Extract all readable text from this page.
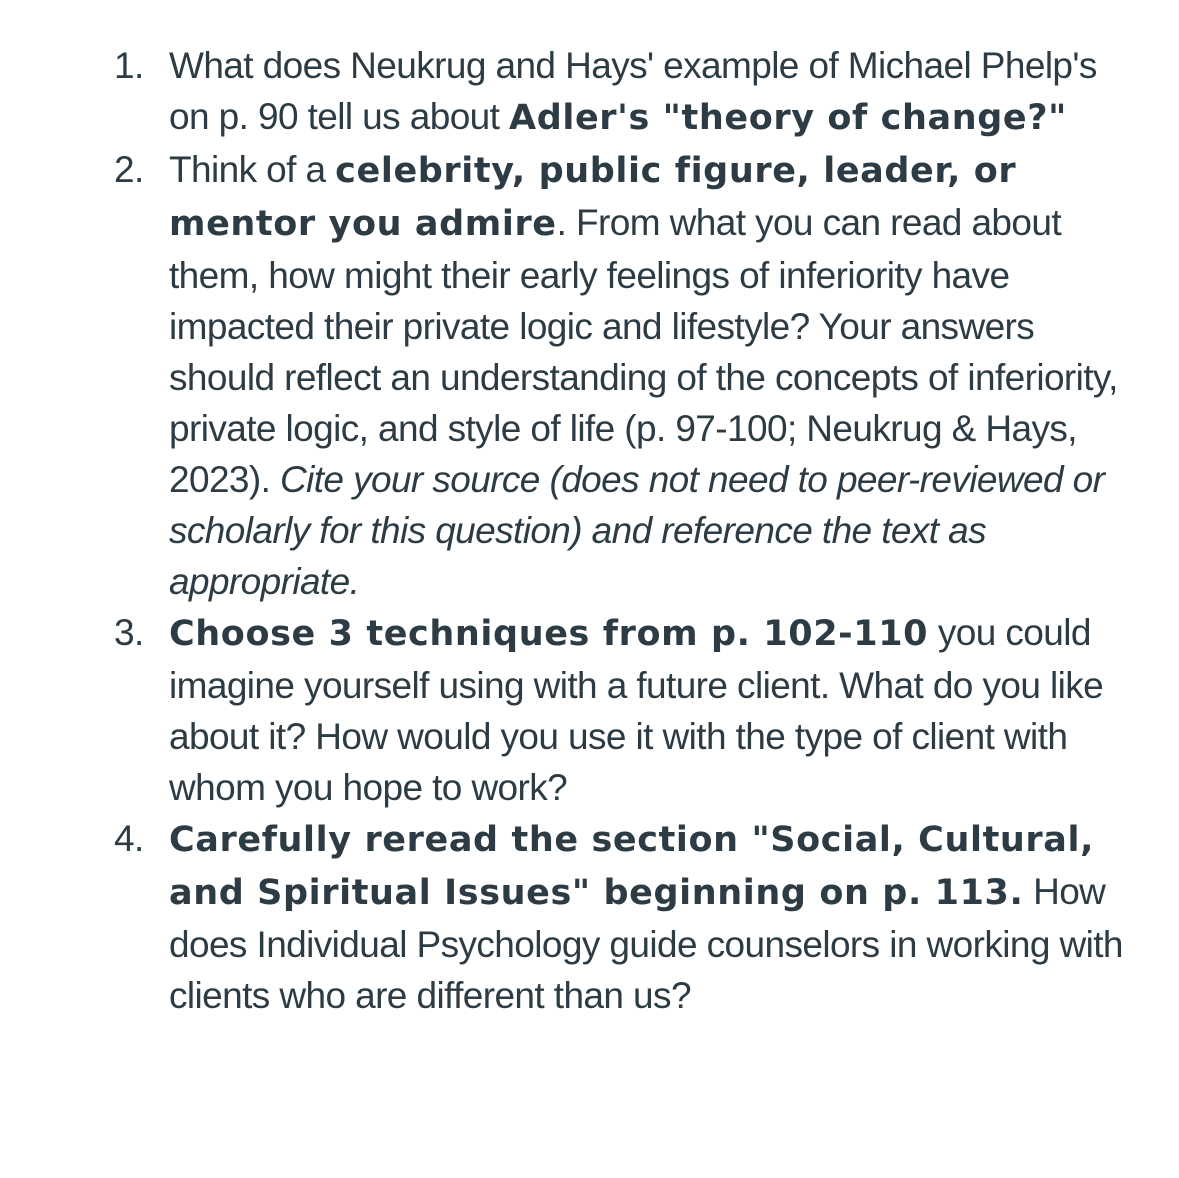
1. What does Neukrug and Hays' example of Michael Phelp's on p. 90 tell us about Adler's "theory of change?"
2. Think of a celebrity, public figure, leader, or mentor you admire. From what you can read about them, how might their early feelings of inferiority have impacted their private logic and lifestyle? Your answers should reflect an understanding of the concepts of inferiority, private logic, and style of life (p. 97-100; Neukrug & Hays, 2023). Cite your source (does not need to peer-reviewed or scholarly for this question) and reference the text as appropriate.
3. Choose 3 techniques from p. 102-110 you could imagine yourself using with a future client. What do you like about it? How would you use it with the type of client with whom you hope to work?
4. Carefully reread the section "Social, Cultural, and Spiritual Issues" beginning on p. 113. How does Individual Psychology guide counselors in working with clients who are different than us?
